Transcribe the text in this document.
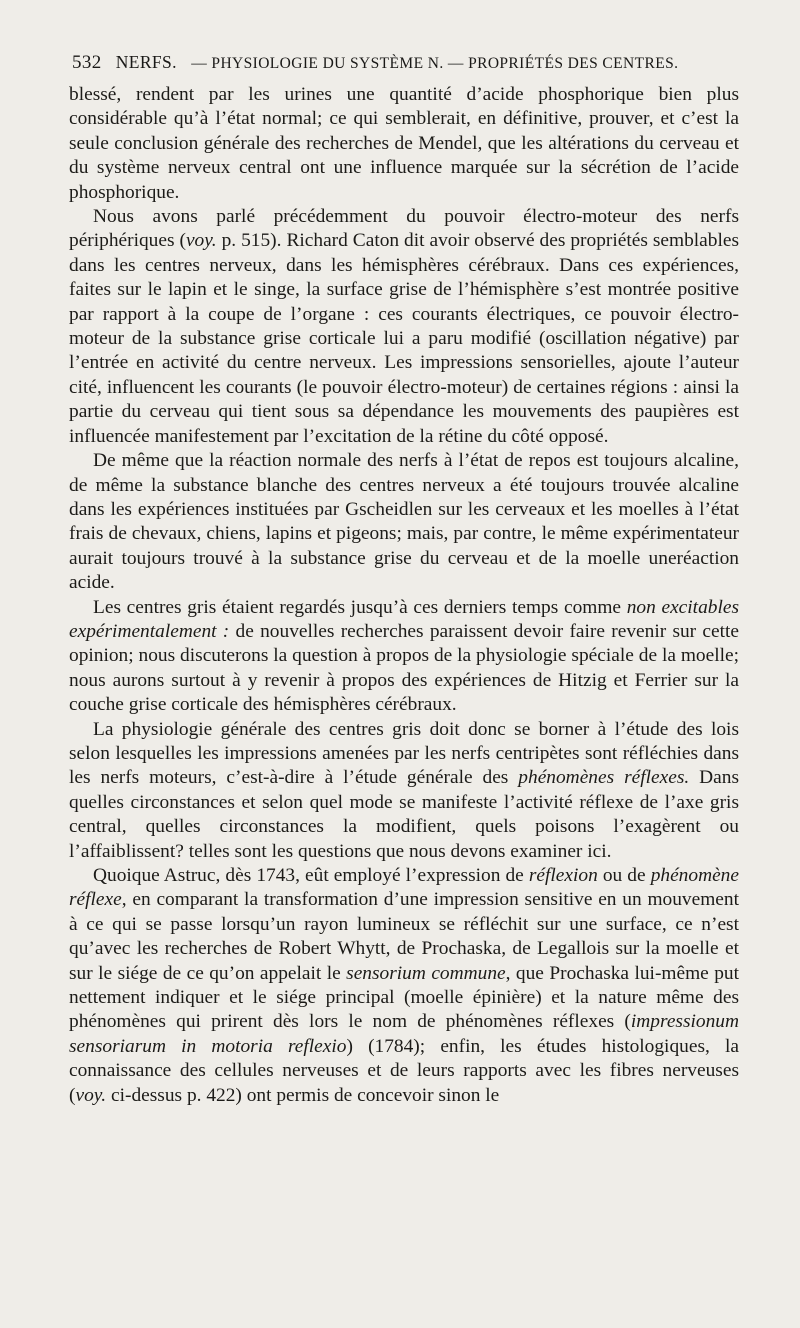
532 NERFS. — PHYSIOLOGIE DU SYSTÈME N. — PROPRIÉTÉS DES CENTRES.

blessé, rendent par les urines une quantité d’acide phosphorique bien plus considérable qu’à l’état normal; ce qui semblerait, en définitive, prouver, et c’est la seule conclusion générale des recherches de Mendel, que les altérations du cerveau et du système nerveux central ont une influence marquée sur la sécrétion de l’acide phosphorique.

Nous avons parlé précédemment du pouvoir électro-moteur des nerfs périphériques (voy. p. 515). Richard Caton dit avoir observé des propriétés semblables dans les centres nerveux, dans les hémisphères cérébraux. Dans ces expériences, faites sur le lapin et le singe, la surface grise de l’hémisphère s’est montrée positive par rapport à la coupe de l’organe : ces courants électriques, ce pouvoir électro-moteur de la substance grise corticale lui a paru modifié (oscillation négative) par l’entrée en activité du centre nerveux. Les impressions sensorielles, ajoute l’auteur cité, influencent les courants (le pouvoir électro-moteur) de certaines régions : ainsi la partie du cerveau qui tient sous sa dépendance les mouvements des paupières est influencée manifestement par l’excitation de la rétine du côté opposé.

De même que la réaction normale des nerfs à l’état de repos est toujours alcaline, de même la substance blanche des centres nerveux a été toujours trouvée alcaline dans les expériences instituées par Gscheidlen sur les cerveaux et les moelles à l’état frais de chevaux, chiens, lapins et pigeons; mais, par contre, le même expérimentateur aurait toujours trouvé à la substance grise du cerveau et de la moelle uneréaction acide.

Les centres gris étaient regardés jusqu’à ces derniers temps comme non excitables expérimentalement : de nouvelles recherches paraissent devoir faire revenir sur cette opinion; nous discuterons la question à propos de la physiologie spéciale de la moelle; nous aurons surtout à y revenir à propos des expériences de Hitzig et Ferrier sur la couche grise corticale des hémisphères cérébraux.

La physiologie générale des centres gris doit donc se borner à l’étude des lois selon lesquelles les impressions amenées par les nerfs centripètes sont réfléchies dans les nerfs moteurs, c’est-à-dire à l’étude générale des phénomènes réflexes. Dans quelles circonstances et selon quel mode se manifeste l’activité réflexe de l’axe gris central, quelles circonstances la modifient, quels poisons l’exagèrent ou l’affaiblissent? telles sont les questions que nous devons examiner ici.

Quoique Astruc, dès 1743, eût employé l’expression de réflexion ou de phénomène réflexe, en comparant la transformation d’une impression sensitive en un mouvement à ce qui se passe lorsqu’un rayon lumineux se réfléchit sur une surface, ce n’est qu’avec les recherches de Robert Whytt, de Prochaska, de Legallois sur la moelle et sur le siége de ce qu’on appelait le sensorium commune, que Prochaska lui-même put nettement indiquer et le siége principal (moelle épinière) et la nature même des phénomènes qui prirent dès lors le nom de phénomènes réflexes (impressionum sensoriarum in motoria reflexio) (1784); enfin, les études histologiques, la connaissance des cellules nerveuses et de leurs rapports avec les fibres nerveuses (voy. ci-dessus p. 422) ont permis de concevoir sinon le
